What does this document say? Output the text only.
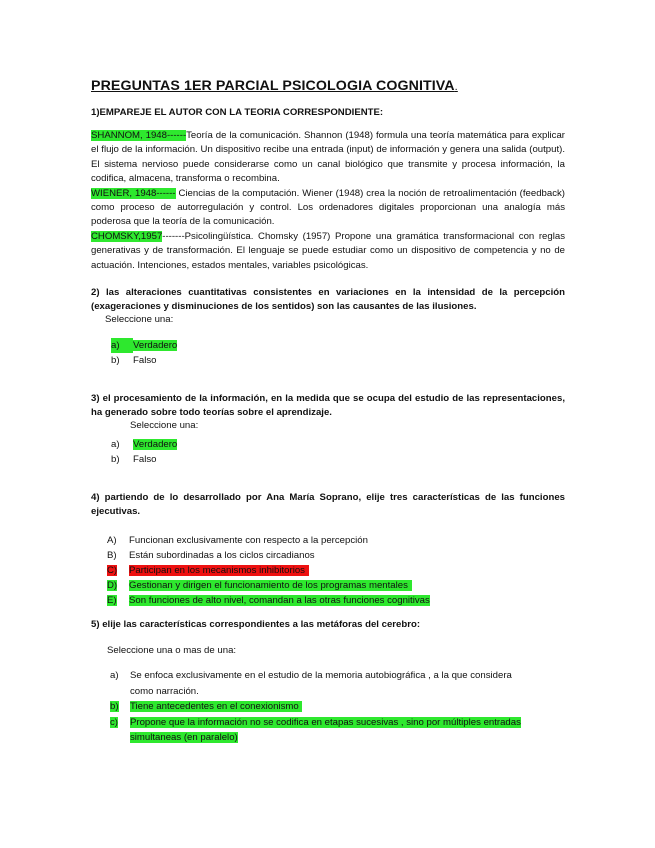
PREGUNTAS 1ER PARCIAL PSICOLOGIA COGNITIVA.
1)EMPAREJE EL AUTOR CON LA TEORIA CORRESPONDIENTE:

SHANNOM, 1948------Teoría de la comunicación. Shannon (1948) formula una teoría matemática para explicar el flujo de la información. Un dispositivo recibe una entrada (input) de información y genera una salida (output). El sistema nervioso puede considerarse como un canal biológico que transmite y procesa información, la codifica, almacena, transforma o recombina.

WIENER, 1948------ Ciencias de la computación. Wiener (1948) crea la noción de retroalimentación (feedback) como proceso de autorregulación y control. Los ordenadores digitales proporcionan una analogía más poderosa que la teoría de la comunicación.

CHOMSKY,1957-------Psicolingüística. Chomsky (1957) Propone una gramática transformacional con reglas generativas y de transformación. El lenguaje se puede estudiar como un dispositivo de competencia y no de actuación. Intenciones, estados mentales, variables psicológicas.

2) las alteraciones cuantitativas consistentes en variaciones en la intensidad de la percepción (exageraciones y disminuciones de los sentidos) son las causantes de las ilusiones.
Seleccione una:
a)	Verdadero
b)	Falso
3) el procesamiento de la información, en la medida que se ocupa del estudio de las representaciones, ha generado sobre todo teorías sobre el aprendizaje.
Seleccione una:
a)	Verdadero
b)	Falso
4) partiendo de lo desarrollado por Ana María Soprano, elije tres características de las funciones ejecutivas.
A)	Funcionan exclusivamente con respecto a la percepción
B)	Están subordinadas a los ciclos circadianos
C)	Participan en los mecanismos inhibitorios
D)	Gestionan y dirigen el funcionamiento de los programas mentales
E)	Son funciones de alto nivel, comandan a las otras funciones cognitivas
5) elije las características correspondientes a las metáforas del cerebro:
Seleccione una o mas de una:
a)	Se enfoca exclusivamente en el estudio de la memoria autobiográfica , a la que considera
como narración.
b)	Tiene antecedentes en el conexionismo
c)	Propone que la información no se codifica en etapas sucesivas , sino por múltiples entradas
simultaneas (en paralelo)
